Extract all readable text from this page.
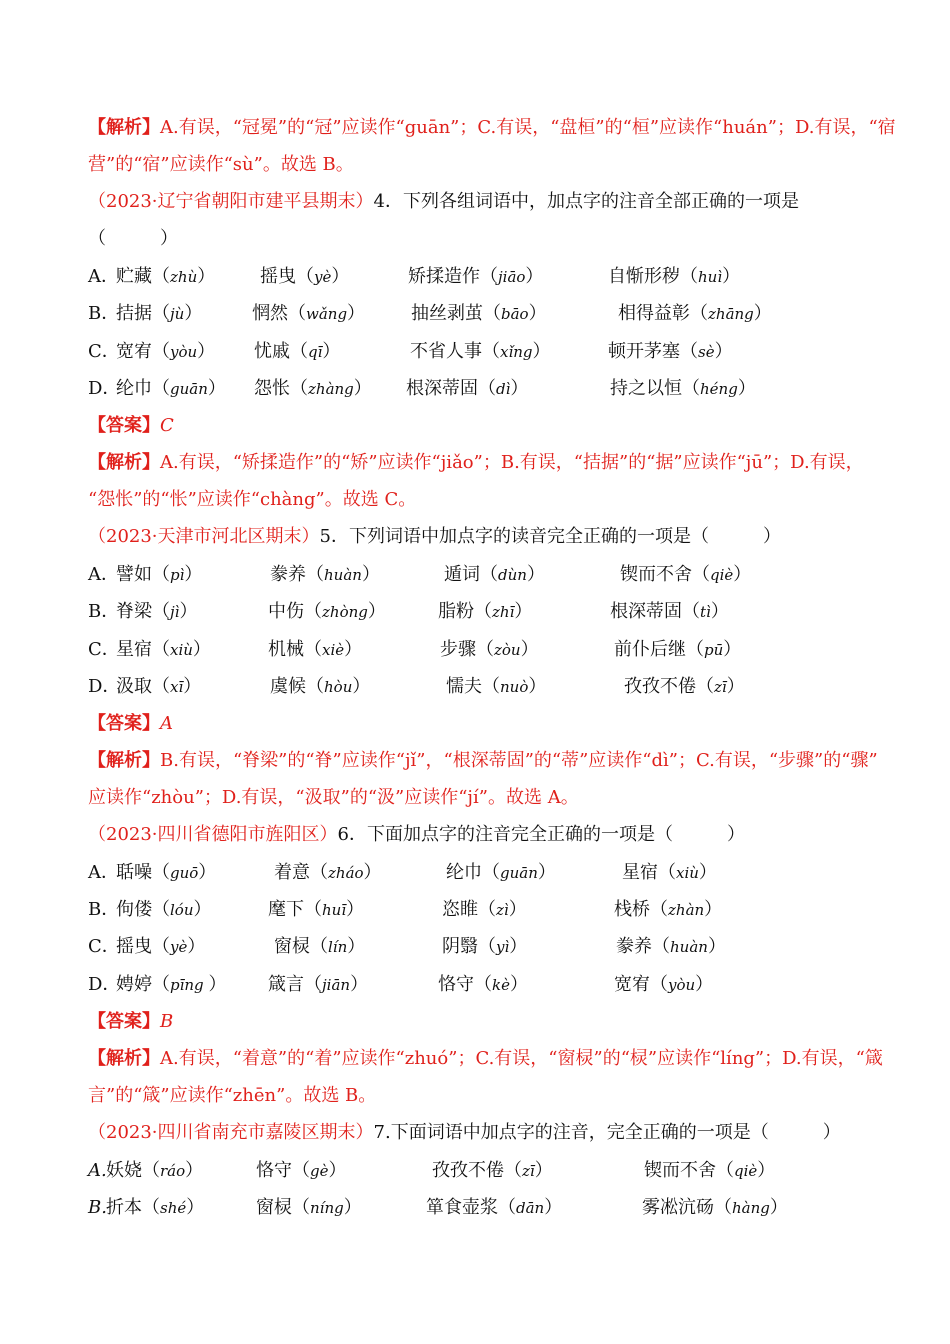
【解析】A.有误，“冠冕”的“冠”应读作“guān”；C.有误，“盘桓”的“桓”应读作“huán”；D.有误，“宿
营”的“宿”应读作“sù”。故选 B。
（2023·辽宁省朝阳市建平县期末）4．下列各组词语中，加点字的注音全部正确的一项是
（　　　）
A．
贮藏（zhù） 摇曳（yè）	矫揉造作（jiāo）	自惭形秽（huì）
B．
拮据（jù）	惘然（wǎng）	抽丝剥茧（bāo）	相得益彰（zhāng）
C．
宽宥（yòu） 忧戚（qī）	不省人事（xǐng）	顿开茅塞（sè）
D．
纶巾（guān） 怨怅（zhàng） 根深蒂固（dì）	持之以恒（héng）
【答案】C
【解析】A.有误，“矫揉造作”的“矫”应读作“jiǎo”；B.有误，“拮据”的“据”应读作“jū”；D.有误，
“怨怅”的“怅”应读作“chàng”。故选 C。
（2023·天津市河北区期末）5．下列词语中加点字的读音完全正确的一项是（　　　）
A．
譬如（pì）	豢养（huàn）	遁词（dùn）	锲而不舍（qiè）
B．
脊梁（jì）	中伤（zhòng）	脂粉（zhī）	根深蒂固（tì）
C．
星宿（xiù）	机械（xiè）	步骤（zòu）	前仆后继（pū）
D．
汲取（xī）	虞候（hòu）	懦夫（nuò）	孜孜不倦（zī）
【答案】A
【解析】B.有误，“脊梁”的“脊”应读作“jǐ”，“根深蒂固”的“蒂”应读作“dì”；C.有误，“步骤”的“骤”
应读作“zhòu”；D.有误，“汲取”的“汲”应读作“jí”。故选 A。
（2023·四川省德阳市旌阳区）6．下面加点字的注音完全正确的一项是（　　　）
A．
聒噪（guō）	着意（zháo）	纶巾（guān）	星宿（xiù）
B．
佝偻（lóu）	麾下（huī）	恣睢（zì）	栈桥（zhàn）
C．
摇曳（yè）	窗棂（lín）	阴翳（yì）	豢养（huàn）
D．
娉婷（pīng ） 箴言（jiān）	恪守（kè）	宽宥（yòu）
【答案】B
【解析】A.有误，“着意”的“着”应读作“zhuó”；C.有误，“窗棂”的“棂”应读作“líng”；D.有误，“箴
言”的“箴”应读作“zhēn”。故选 B。
（2023·四川省南充市嘉陵区期末）7.下面词语中加点字的注音，完全正确的一项是（　　　）
A. 妖娆（ráo）	恪守（gè）	孜孜不倦（zī）	锲而不舍（qiè）
B. 折本（shé）	窗棂（níng）	箪食壶浆（dān）	雾凇沆砀（hàng）
